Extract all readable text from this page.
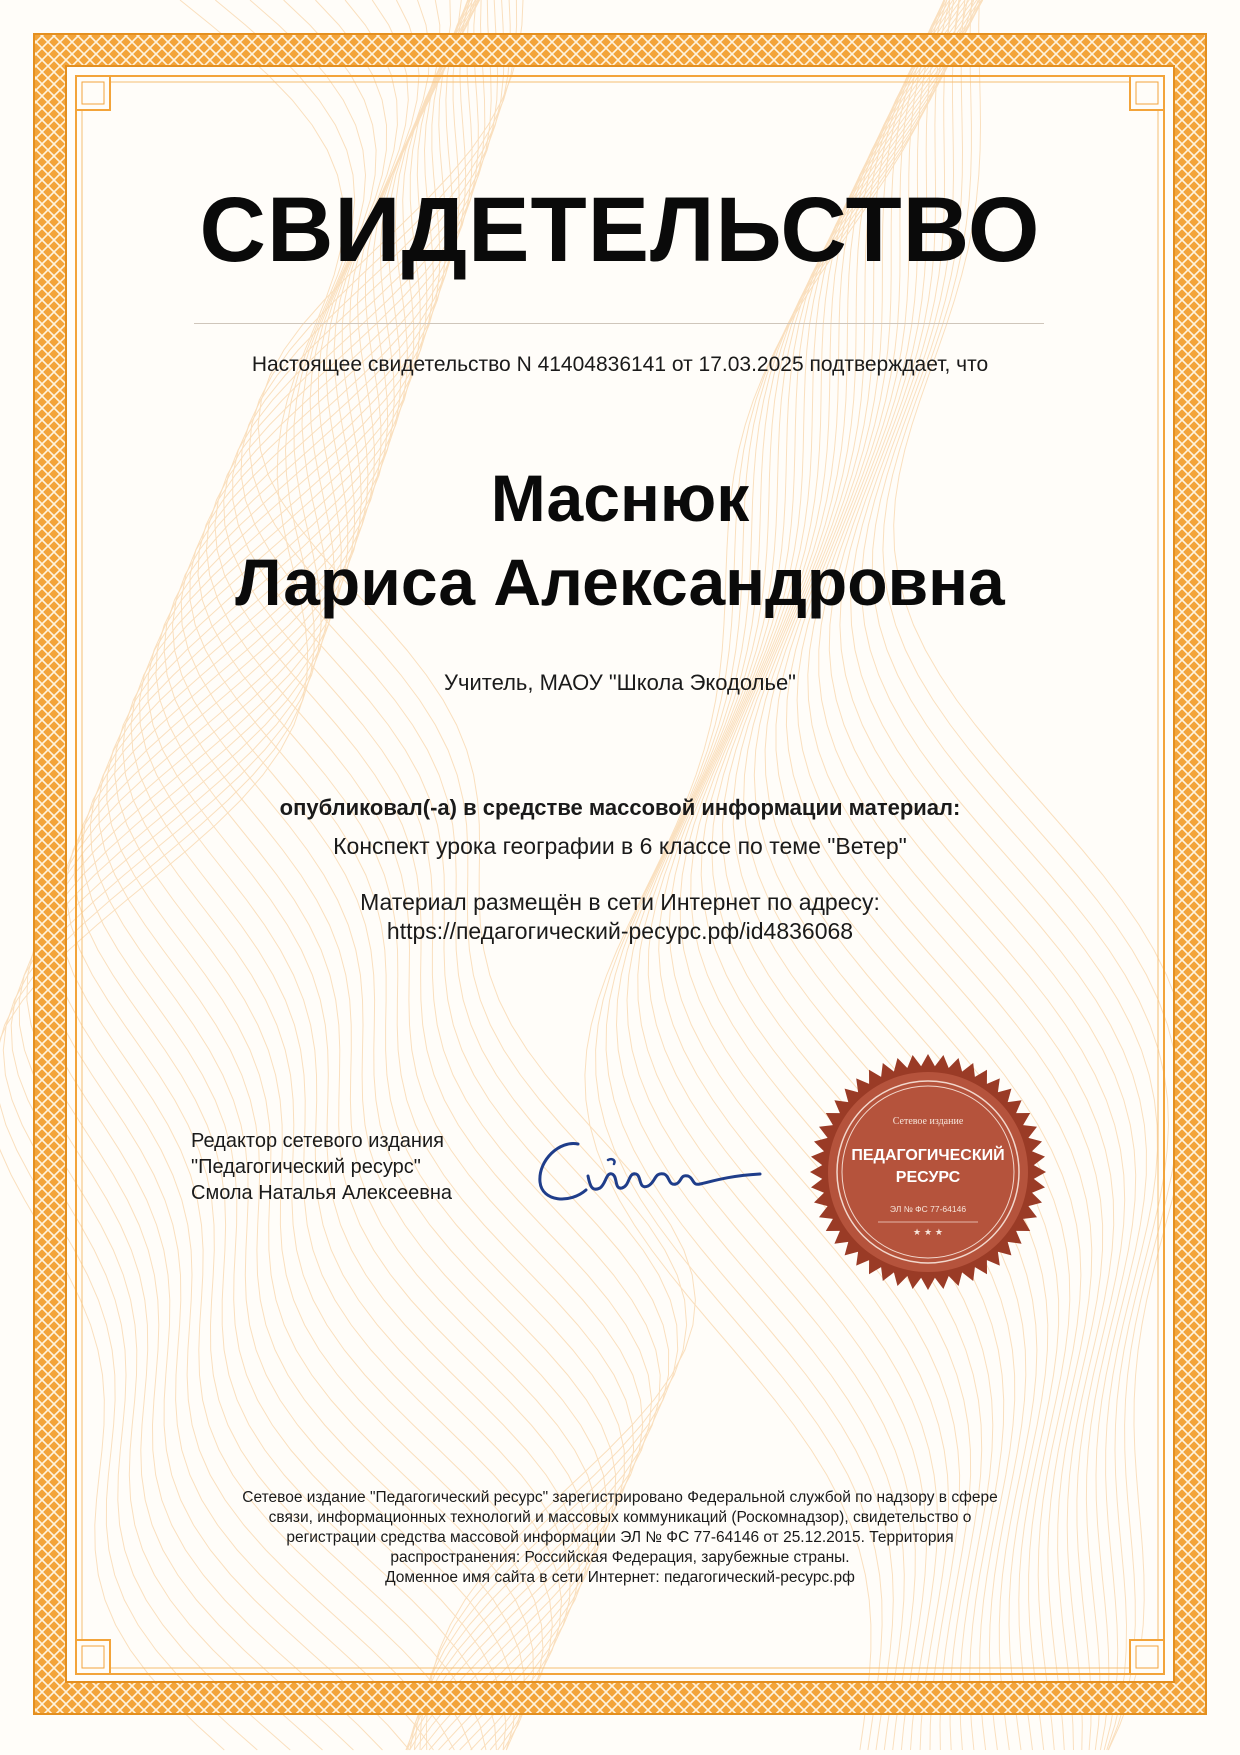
СВИДЕТЕЛЬСТВО
Настоящее свидетельство N 41404836141 от 17.03.2025 подтверждает, что
Маснюк
Лариса Александровна
Учитель, МАОУ "Школа Экодолье"
опубликовал(-а) в средстве массовой информации материал:
Конспект урока географии в 6 классе по теме "Ветер"
Материал размещён в сети Интернет по адресу:
https://педагогический-ресурс.рф/id4836068
Редактор сетевого издания
"Педагогический ресурс"
Смола Наталья Алексеевна
Сетевое издание
ПЕДАГОГИЧЕСКИЙ
РЕСУРС
ЭЛ № ФС 77-64146
★ ★ ★
Сетевое издание "Педагогический ресурс" зарегистрировано Федеральной службой по надзору в сфере
связи, информационных технологий и массовых коммуникаций (Роскомнадзор), свидетельство о
регистрации средства массовой информации ЭЛ № ФС 77-64146 от 25.12.2015. Территория
распространения: Российская Федерация, зарубежные страны.
Доменное имя сайта в сети Интернет: педагогический-ресурс.рф
